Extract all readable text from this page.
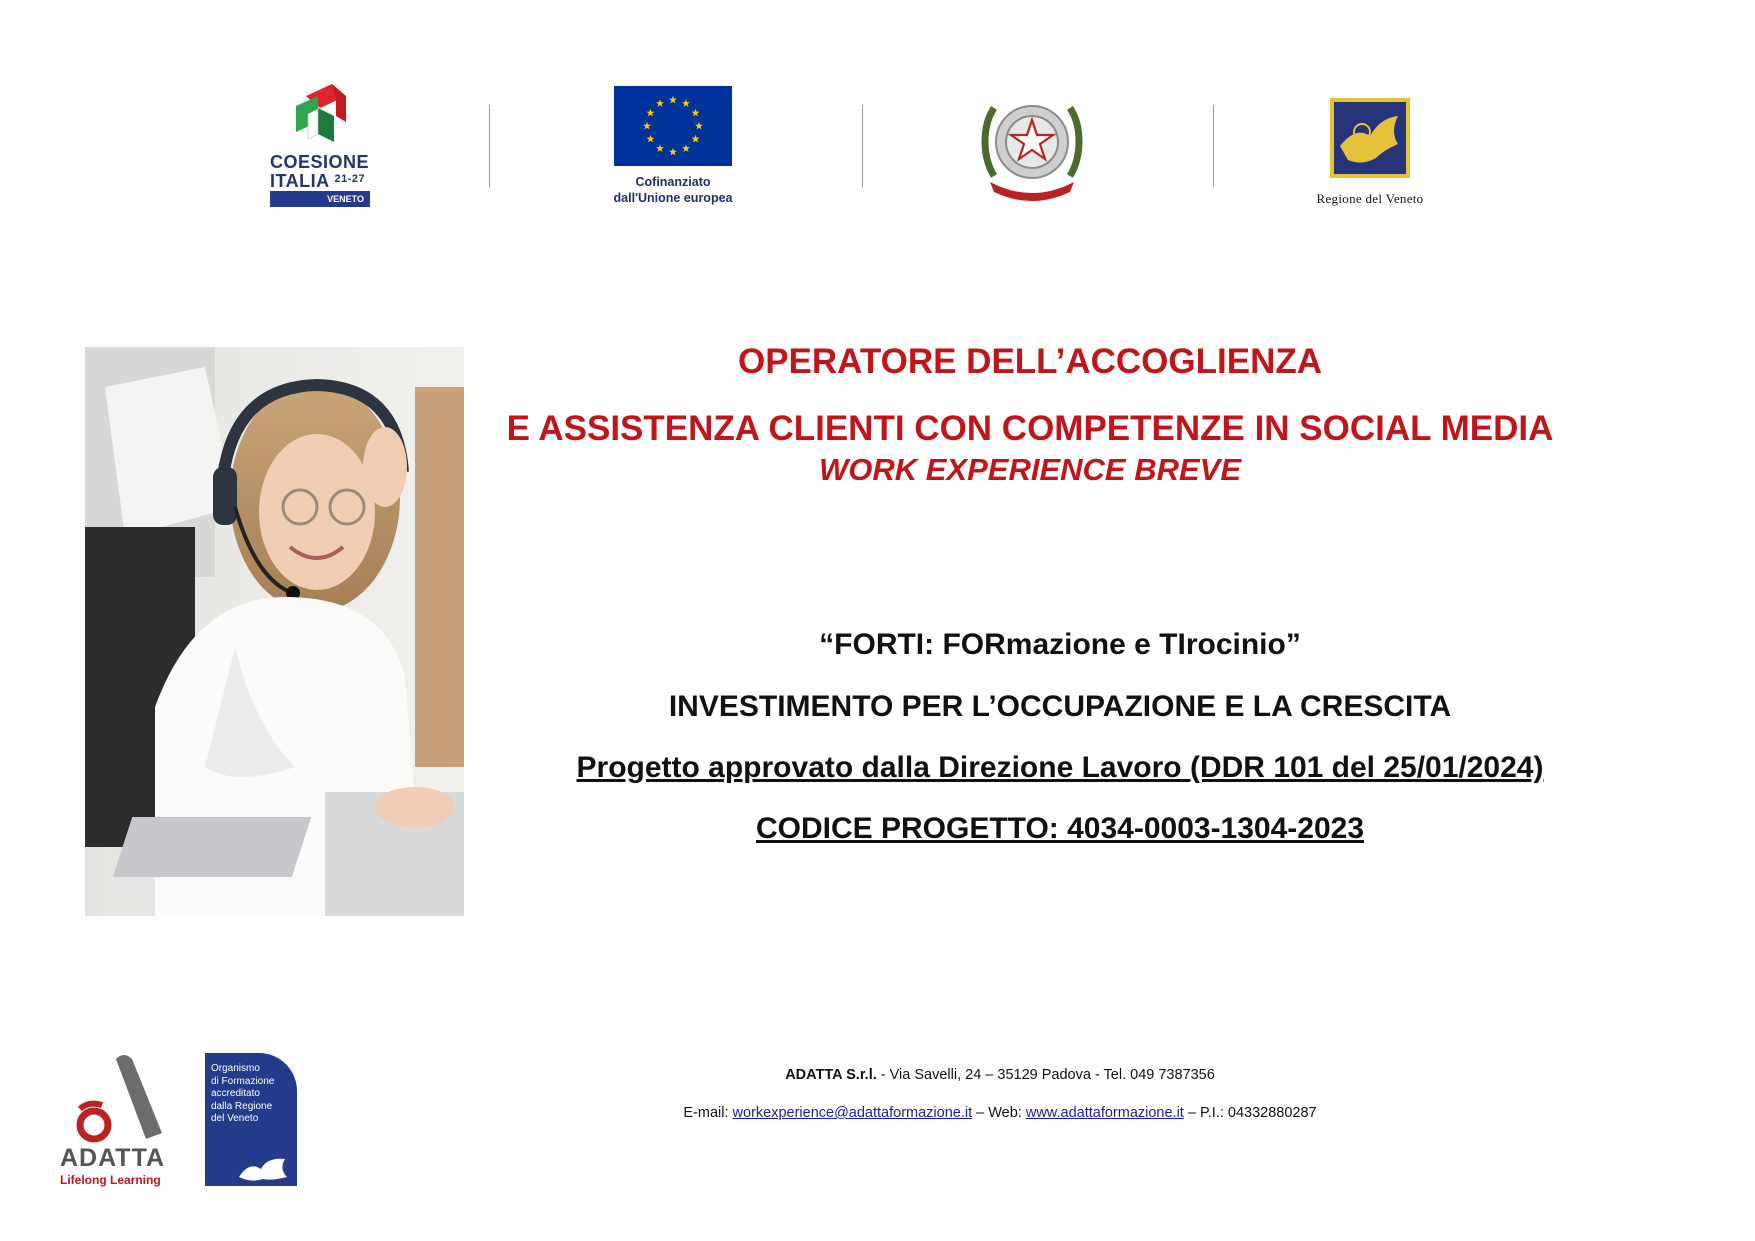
COESIONE
ITALIA $^{21-27}$
VENETO
Cofinanziato
dall'Unione europea	Regione del Veneto
OPERATORE DELL’ACCOGLIENZA
E ASSISTENZA CLIENTI CON COMPETENZE IN SOCIAL MEDIA
WORK EXPERIENCE BREVE
“FORTI: FORmazione e TIrocinio”
INVESTIMENTO PER L’OCCUPAZIONE E LA CRESCITA
Progetto approvato dalla Direzione Lavoro (DDR 101 del 25/01/2024)
CODICE PROGETTO: 4034-0003-1304-2023
ADATTA
Lifelong Learning
Organismo
di Formazione
accreditato
dalla Regione
del Veneto
ADATTA S.r.l. - Via Savelli, 24 – 35129 Padova - Tel. 049 7387356
E-mail: workexperience@adattaformazione.it – Web: www.adattaformazione.it – P.I.: 04332880287
